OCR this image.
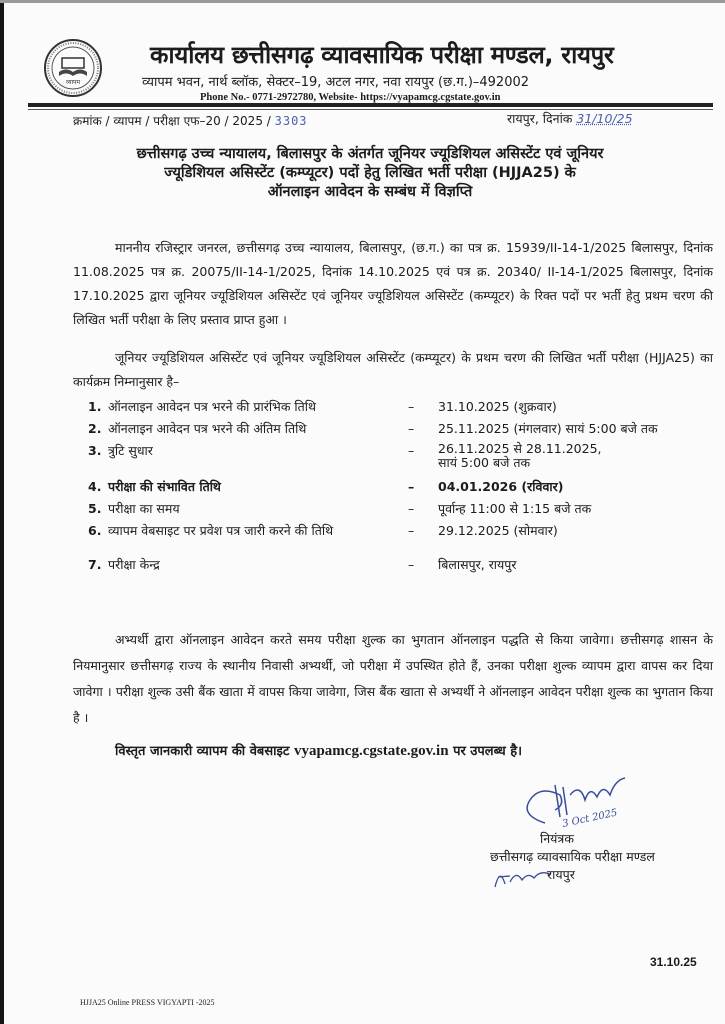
व्यापम
कार्यालय छत्तीसगढ़ व्यावसायिक परीक्षा मण्डल, रायपुर
व्यापम भवन, नार्थ ब्लॉक, सेक्टर–19, अटल नगर, नवा रायपुर (छ.ग.)–492002
Phone No.- 0771-2972780, Website- https://vyapamcg.cgstate.gov.in
क्रमांक / व्यापम / परीक्षा एफ–20 / 2025 / 3303	रायपुर, दिनांक 31/10/25
छत्तीसगढ़ उच्च न्यायालय, बिलासपुर के अंतर्गत जूनियर ज्यूडिशियल असिस्टेंट एवं जूनियर
ज्यूडिशियल असिस्टेंट (कम्प्यूटर) पदों हेतु लिखित भर्ती परीक्षा (HJJA25) के
ऑनलाइन आवेदन के सम्बंध में विज्ञप्ति
माननीय रजिस्ट्रार जनरल, छत्तीसगढ़ उच्च न्यायालय, बिलासपुर, (छ.ग.) का पत्र क्र. 15939/II-14-1/2025 बिलासपुर, दिनांक 11.08.2025 पत्र क्र. 20075/II-14-1/2025, दिनांक 14.10.2025 एवं पत्र क्र. 20340/ II-14-1/2025 बिलासपुर, दिनांक 17.10.2025 द्वारा जूनियर ज्यूडिशियल असिस्टेंट एवं जूनियर ज्यूडिशियल असिस्टेंट (कम्प्यूटर) के रिक्त पदों पर भर्ती हेतु प्रथम चरण की लिखित भर्ती परीक्षा के लिए प्रस्ताव प्राप्त हुआ ।
जूनियर ज्यूडिशियल असिस्टेंट एवं जूनियर ज्यूडिशियल असिस्टेंट (कम्प्यूटर) के प्रथम चरण की लिखित भर्ती परीक्षा (HJJA25) का कार्यक्रम निम्नानुसार है–
1. ऑनलाइन आवेदन पत्र भरने की प्रारंभिक तिथि	–	31.10.2025 (शुक्रवार)
2. ऑनलाइन आवेदन पत्र भरने की अंतिम तिथि	–	25.11.2025 (मंगलवार) सायं 5:00 बजे तक
3. त्रुटि सुधार	–	26.11.2025 से 28.11.2025,
सायं 5:00 बजे तक
4. परीक्षा की संभावित तिथि	–	04.01.2026 (रविवार)
5. परीक्षा का समय	–	पूर्वान्ह 11:00 से 1:15 बजे तक
6. व्यापम वेबसाइट पर प्रवेश पत्र जारी करने की तिथि	–	29.12.2025 (सोमवार)
7. परीक्षा केन्द्र	–	बिलासपुर, रायपुर
अभ्यर्थी द्वारा ऑनलाइन आवेदन करते समय परीक्षा शुल्क का भुगतान ऑनलाइन पद्धति से किया जावेगा। छत्तीसगढ़ शासन के नियमानुसार छत्तीसगढ़ राज्य के स्थानीय निवासी अभ्यर्थी, जो परीक्षा में उपस्थित होते हैं, उनका परीक्षा शुल्क व्यापम द्वारा वापस कर दिया जावेगा । परीक्षा शुल्क उसी बैंक खाता में वापस किया जावेगा, जिस बैंक खाता से अभ्यर्थी ने ऑनलाइन आवेदन परीक्षा शुल्क का भुगतान किया है ।
विस्तृत जानकारी व्यापम की वेबसाइट vyapamcg.cgstate.gov.in पर उपलब्ध है।
3 Oct 2025
नियंत्रक
छत्तीसगढ़ व्यावसायिक परीक्षा मण्डल
रायपुर
31.10.25
HJJA25 Online PRESS VIGYAPTI -2025
